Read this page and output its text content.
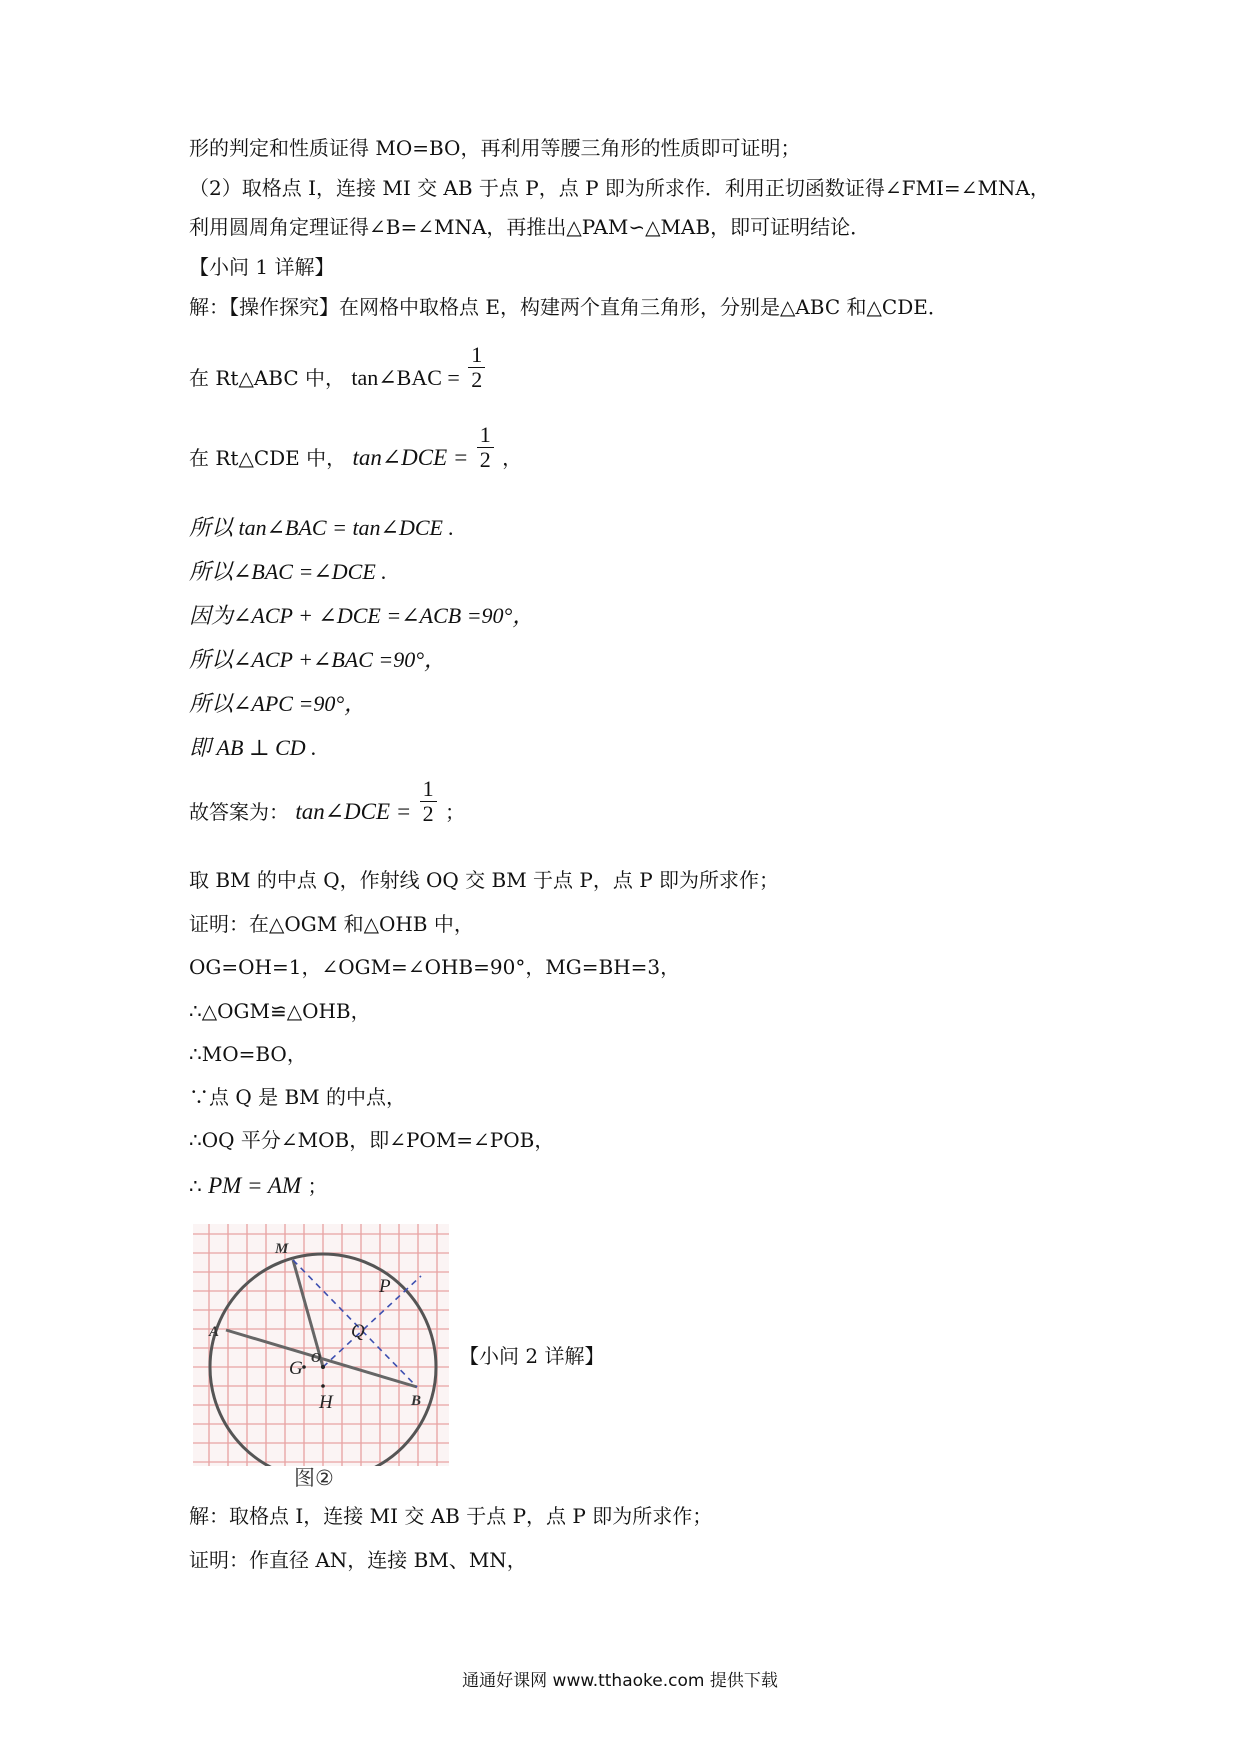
形的判定和性质证得 MO=BO，再利用等腰三角形的性质即可证明；
（2）取格点 I，连接 MI 交 AB 于点 P，点 P 即为所求作．利用正切函数证得∠FMI=∠MNA，
利用圆周角定理证得∠B=∠MNA，再推出△PAM∽△MAB，即可证明结论．
【小问 1 详解】
解：【操作探究】在网格中取格点 E，构建两个直角三角形，分别是△ABC 和△CDE．
在 Rt△ABC 中， tan∠BAC = $\frac{1}{2}$
在 Rt△CDE 中， tan∠DCE = $\frac{1}{2}$ ，
所以 tan∠BAC = tan∠DCE .
所以∠BAC =∠DCE .
因为∠ACP + ∠DCE =∠ACB =90°，
所以∠ACP +∠BAC =90°，
所以∠APC =90°，
即 AB ⊥ CD .
故答案为： tan∠DCE = $\frac{1}{2}$ ；
取 BM 的中点 Q，作射线 OQ 交 BM 于点 P，点 P 即为所求作；
证明：在△OGM 和△OHB 中，
OG=OH=1，∠OGM=∠OHB=90°，MG=BH=3，
∴△OGM≌△OHB，
∴MO=BO，
∵点 Q 是 BM 的中点，
∴OQ 平分∠MOB，即∠POM=∠POB，
∴ PM = AM ；
M
A
P
Q
G O
H	B
图②
【小问 2 详解】
解：取格点 I，连接 MI 交 AB 于点 P，点 P 即为所求作；
证明：作直径 AN，连接 BM、MN，
通通好课网 www.tthaoke.com 提供下载
